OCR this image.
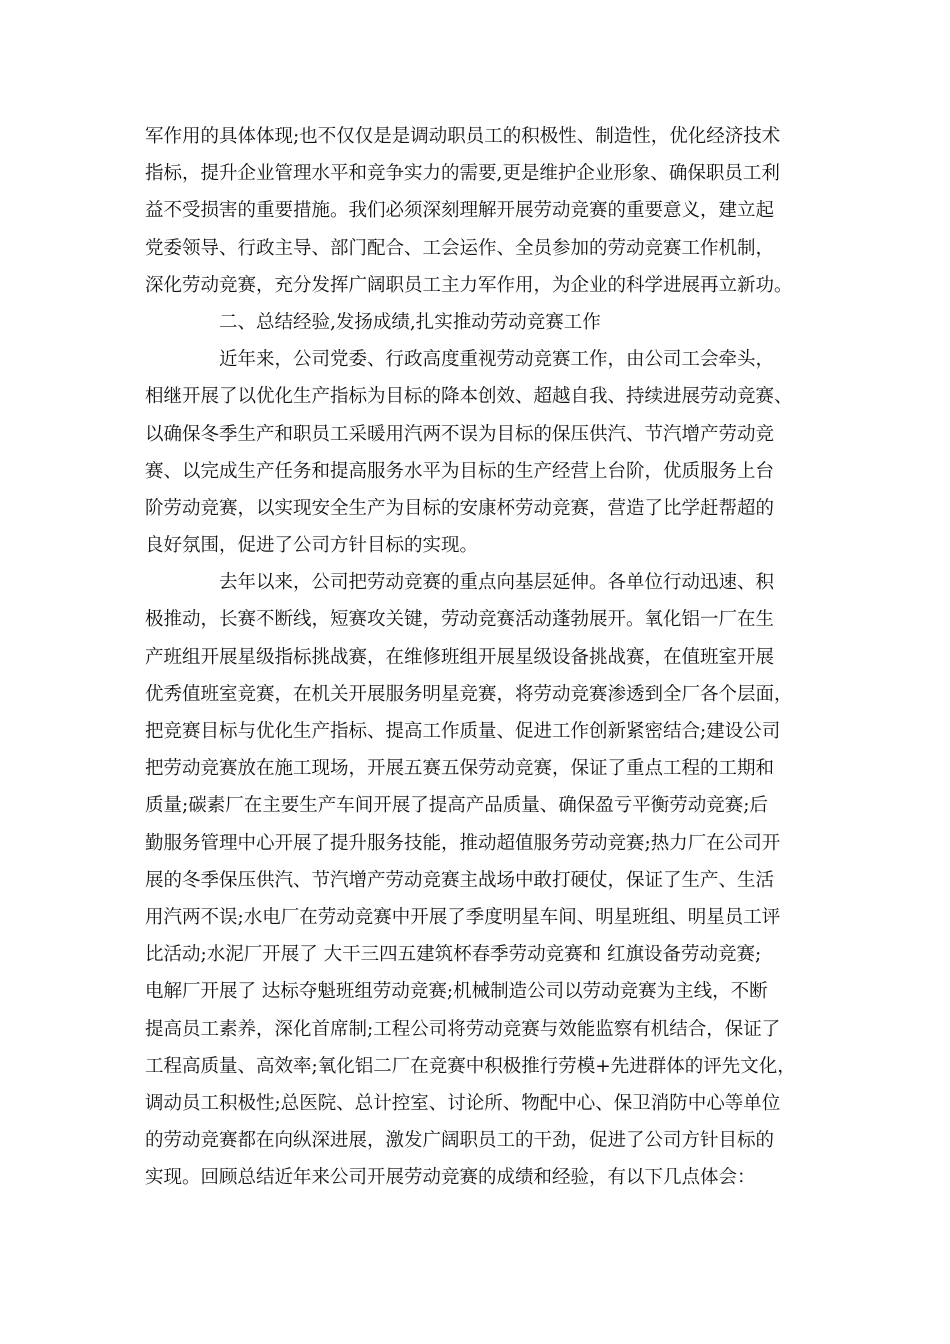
军作用的具体体现;也不仅仅是是调动职员工的积极性、制造性，优化经济技术
指标，提升企业管理水平和竞争实力的需要,更是维护企业形象、确保职员工利
益不受损害的重要措施。我们必须深刻理解开展劳动竞赛的重要意义，建立起
党委领导、行政主导、部门配合、工会运作、全员参加的劳动竞赛工作机制，
深化劳动竞赛，充分发挥广阔职员工主力军作用，为企业的科学进展再立新功。
二、总结经验,发扬成绩,扎实推动劳动竞赛工作
近年来，公司党委、行政高度重视劳动竞赛工作，由公司工会牵头，
相继开展了以优化生产指标为目标的降本创效、超越自我、持续进展劳动竞赛、
以确保冬季生产和职员工采暖用汽两不误为目标的保压供汽、节汽增产劳动竞
赛、以完成生产任务和提高服务水平为目标的生产经营上台阶，优质服务上台
阶劳动竞赛，以实现安全生产为目标的安康杯劳动竞赛，营造了比学赶帮超的
良好氛围，促进了公司方针目标的实现。
去年以来，公司把劳动竞赛的重点向基层延伸。各单位行动迅速、积
极推动，长赛不断线，短赛攻关键，劳动竞赛活动蓬勃展开。氧化铝一厂在生
产班组开展星级指标挑战赛，在维修班组开展星级设备挑战赛，在值班室开展
优秀值班室竞赛，在机关开展服务明星竞赛，将劳动竞赛渗透到全厂各个层面，
把竞赛目标与优化生产指标、提高工作质量、促进工作创新紧密结合;建设公司
把劳动竞赛放在施工现场，开展五赛五保劳动竞赛，保证了重点工程的工期和
质量;碳素厂在主要生产车间开展了提高产品质量、确保盈亏平衡劳动竞赛;后
勤服务管理中心开展了提升服务技能，推动超值服务劳动竞赛;热力厂在公司开
展的冬季保压供汽、节汽增产劳动竞赛主战场中敢打硬仗，保证了生产、生活
用汽两不误;水电厂在劳动竞赛中开展了季度明星车间、明星班组、明星员工评
比活动;水泥厂开展了 大干三四五建筑杯春季劳动竞赛和 红旗设备劳动竞赛;
电解厂开展了 达标夺魁班组劳动竞赛;机械制造公司以劳动竞赛为主线，不断
提高员工素养，深化首席制;工程公司将劳动竞赛与效能监察有机结合，保证了
工程高质量、高效率;氧化铝二厂在竞赛中积极推行劳模+先进群体的评先文化，
调动员工积极性;总医院、总计控室、讨论所、物配中心、保卫消防中心等单位
的劳动竞赛都在向纵深进展，激发广阔职员工的干劲，促进了公司方针目标的
实现。回顾总结近年来公司开展劳动竞赛的成绩和经验，有以下几点体会：
